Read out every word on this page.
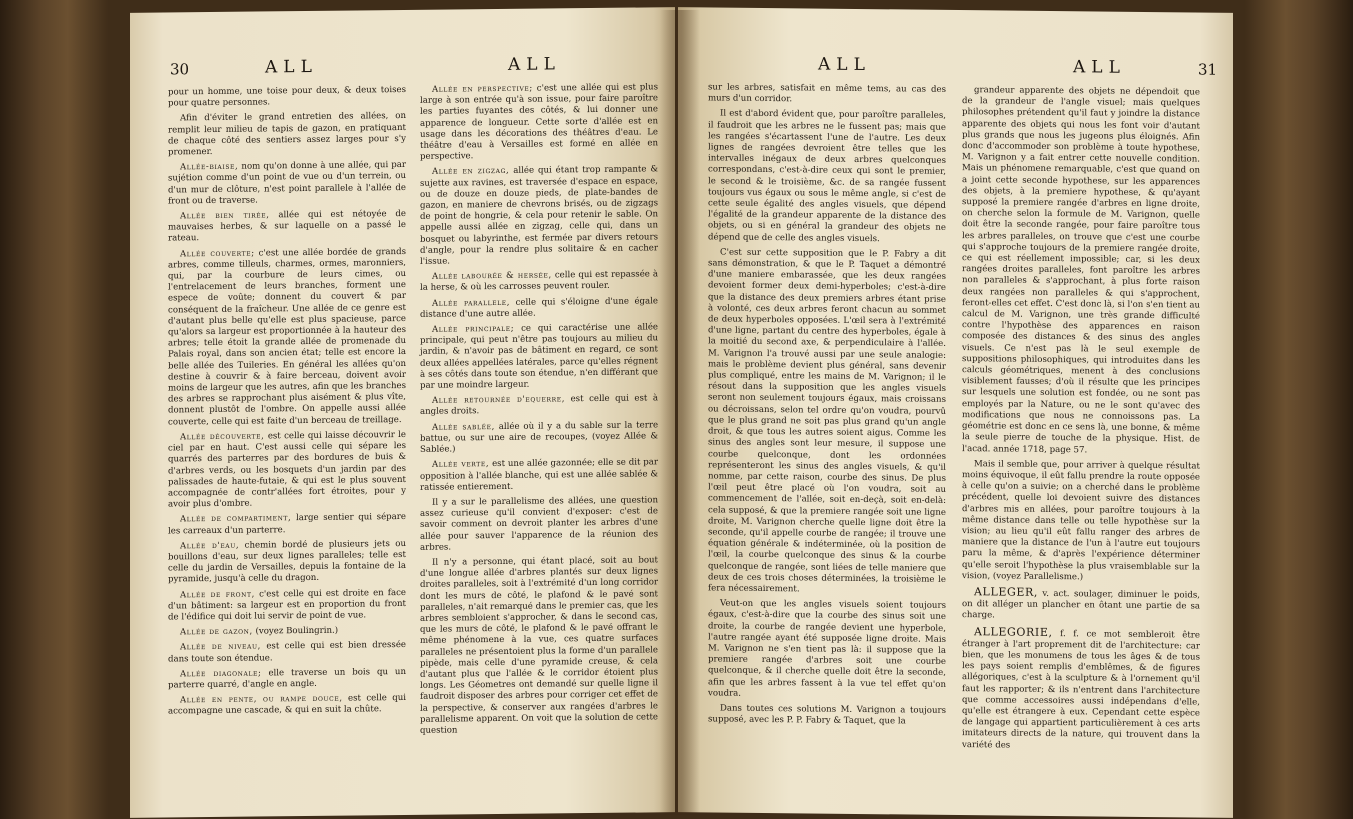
30	ALL	ALL

pour un homme, une toise pour deux, & deux toises pour quatre personnes.

Afin d'éviter le grand entretien des allées, on remplit leur milieu de tapis de gazon, en pratiquant de chaque côté des sentiers assez larges pour s'y promener.

Allée-biaise, nom qu'on donne à une allée, qui par sujétion comme d'un point de vue ou d'un terrein, ou d'un mur de clôture, n'est point parallele à l'allée de front ou de traverse.

Allée bien tirée, allée qui est nétoyée de mauvaises herbes, & sur laquelle on a passé le rateau.

Allée couverte; c'est une allée bordée de grands arbres, comme tilleuls, charmes, ormes, maronniers, qui, par la courbure de leurs cimes, ou l'entrelacement de leurs branches, forment une espece de voûte; donnent du couvert & par conséquent de la fraîcheur. Une allée de ce genre est d'autant plus belle qu'elle est plus spacieuse, parce qu'alors sa largeur est proportionnée à la hauteur des arbres; telle étoit la grande allée de promenade du Palais royal, dans son ancien état; telle est encore la belle allée des Tuileries. En général les allées qu'on destine à couvrir & à faire berceau, doivent avoir moins de largeur que les autres, afin que les branches des arbres se rapprochant plus aisément & plus vîte, donnent plustôt de l'ombre. On appelle aussi allée couverte, celle qui est faite d'un berceau de treillage.

Allée découverte, est celle qui laisse découvrir le ciel par en haut. C'est aussi celle qui sépare les quarrés des parterres par des bordures de buis & d'arbres verds, ou les bosquets d'un jardin par des palissades de haute-futaie, & qui est le plus souvent accompagnée de contr'allées fort étroites, pour y avoir plus d'ombre.

Allée de compartiment, large sentier qui sépare les carreaux d'un parterre.

Allée d'eau, chemin bordé de plusieurs jets ou bouillons d'eau, sur deux lignes paralleles; telle est celle du jardin de Versailles, depuis la fontaine de la pyramide, jusqu'à celle du dragon.

Allée de front, c'est celle qui est droite en face d'un bâtiment: sa largeur est en proportion du front de l'édifice qui doit lui servir de point de vue.

Allée de gazon, (voyez Boulingrin.)

Allée de niveau, est celle qui est bien dressée dans toute son étendue.

Allée diagonale; elle traverse un bois qu un parterre quarré, d'angle en angle.

Allée en pente, ou rampe douce, est celle qui accompagne une cascade, & qui en suit la chûte.

Allée en perspective; c'est une allée qui est plus large à son entrée qu'à son issue, pour faire paroître les parties fuyantes des côtés, & lui donner une apparence de longueur. Cette sorte d'allée est en usage dans les décorations des théâtres d'eau. Le théâtre d'eau à Versailles est formé en allée en perspective.

Allée en zigzag, allée qui étant trop rampante & sujette aux ravines, est traversée d'espace en espace, ou de douze en douze pieds, de plate-bandes de gazon, en maniere de chevrons brisés, ou de zigzags de point de hongrie, & cela pour retenir le sable. On appelle aussi allée en zigzag, celle qui, dans un bosquet ou labyrinthe, est fermée par divers retours d'angle, pour la rendre plus solitaire & en cacher l'issue.

Allée labourée & hersée, celle qui est repassée à la herse, & où les carrosses peuvent rouler.

Allée parallele, celle qui s'éloigne d'une égale distance d'une autre allée.

Allée principale; ce qui caractérise une allée principale, qui peut n'être pas toujours au milieu du jardin, & n'avoir pas de bâtiment en regard, ce sont deux allées appellées latérales, parce qu'elles régnent à ses côtés dans toute son étendue, n'en différant que par une moindre largeur.

Allée retournée d'equerre, est celle qui est à angles droits.

Allée sablée, allée où il y a du sable sur la terre battue, ou sur une aire de recoupes, (voyez Allée & Sablée.)

Allée verte, est une allée gazonnée; elle se dit par opposition à l'allée blanche, qui est une allée sablée & ratissée entierement.

Il y a sur le parallelisme des allées, une question assez curieuse qu'il convient d'exposer: c'est de savoir comment on devroit planter les arbres d'une allée pour sauver l'apparence de la réunion des arbres.

Il n'y a personne, qui étant placé, soit au bout d'une longue allée d'arbres plantés sur deux lignes droites paralleles, soit à l'extrémité d'un long corridor dont les murs de côté, le plafond & le pavé sont paralleles, n'ait remarqué dans le premier cas, que les arbres sembloient s'approcher, & dans le second cas, que les murs de côté, le plafond & le pavé offrant le même phénomene à la vue, ces quatre surfaces paralleles ne présentoient plus la forme d'un parallele pipède, mais celle d'une pyramide creuse, & cela d'autant plus que l'allée & le corridor étoient plus longs. Les Géometres ont demandé sur quelle ligne il faudroit disposer des arbres pour corriger cet effet de la perspective, & conserver aux rangées d'arbres le parallelisme apparent. On voit que la solution de cette question

ALL	ALL	31

sur les arbres, satisfait en même tems, au cas des murs d'un corridor.

Il est d'abord évident que, pour paroître paralleles, il faudroit que les arbres ne le fussent pas; mais que les rangées s'écartassent l'une de l'autre. Les deux lignes de rangées devroient être telles que les intervalles inégaux de deux arbres quelconques correspondans, c'est-à-dire ceux qui sont le premier, le second & le troisième, &c. de sa rangée fussent toujours vus égaux ou sous le même angle, si c'est de cette seule égalité des angles visuels, que dépend l'égalité de la grandeur apparente de la distance des objets, ou si en général la grandeur des objets ne dépend que de celle des angles visuels.

C'est sur cette supposition que le P. Fabry a dit sans démonstration, & que le P. Taquet a démontré d'une maniere embarassée, que les deux rangées devoient former deux demi-hyperboles; c'est-à-dire que la distance des deux premiers arbres étant prise à volonté, ces deux arbres feront chacun au sommet de deux hyperboles opposées. L'œil sera à l'extrémité d'une ligne, partant du centre des hyperboles, égale à la moitié du second axe, & perpendiculaire à l'allée. M. Varignon l'a trouvé aussi par une seule analogie: mais le problème devient plus général, sans devenir plus compliqué, entre les mains de M. Varignon; il le résout dans la supposition que les angles visuels seront non seulement toujours égaux, mais croissans ou décroissans, selon tel ordre qu'on voudra, pourvû que le plus grand ne soit pas plus grand qu'un angle droit, & que tous les autres soient aigus. Comme les sinus des angles sont leur mesure, il suppose une courbe quelconque, dont les ordonnées représenteront les sinus des angles visuels, & qu'il nomme, par cette raison, courbe des sinus. De plus l'œil peut être placé où l'on voudra, soit au commencement de l'allée, soit en-deçà, soit en-delà: cela supposé, & que la premiere rangée soit une ligne droite, M. Varignon cherche quelle ligne doit être la seconde, qu'il appelle courbe de rangée; il trouve une équation générale & indéterminée, où la position de l'œil, la courbe quelconque des sinus & la courbe quelconque de rangée, sont liées de telle maniere que deux de ces trois choses déterminées, la troisième le fera nécessairement.

Veut-on que les angles visuels soient toujours égaux, c'est-à-dire que la courbe des sinus soit une droite, la courbe de rangée devient une hyperbole, l'autre rangée ayant été supposée ligne droite. Mais M. Varignon ne s'en tient pas là: il suppose que la premiere rangée d'arbres soit une courbe quelconque, & il cherche quelle doit être la seconde, afin que les arbres fassent à la vue tel effet qu'on voudra.

Dans toutes ces solutions M. Varignon a toujours supposé, avec les P. P. Fabry & Taquet, que la

grandeur apparente des objets ne dépendoit que de la grandeur de l'angle visuel; mais quelques philosophes prétendent qu'il faut y joindre la distance apparente des objets qui nous les font voir d'autant plus grands que nous les jugeons plus éloignés. Afin donc d'accommoder son problème à toute hypothese, M. Varignon y a fait entrer cette nouvelle condition. Mais un phénomene remarquable, c'est que quand on a joint cette seconde hypothese, sur les apparences des objets, à la premiere hypothese, & qu'ayant supposé la premiere rangée d'arbres en ligne droite, on cherche selon la formule de M. Varignon, quelle doit être la seconde rangée, pour faire paroître tous les arbres paralleles, on trouve que c'est une courbe qui s'approche toujours de la premiere rangée droite, ce qui est réellement impossible; car, si les deux rangées droites paralleles, font paroître les arbres non paralleles & s'approchant, à plus forte raison deux rangées non paralleles & qui s'approchent, feront-elles cet effet. C'est donc là, si l'on s'en tient au calcul de M. Varignon, une très grande difficulté contre l'hypothèse des apparences en raison composée des distances & des sinus des angles visuels. Ce n'est pas là le seul exemple de suppositions philosophiques, qui introduites dans les calculs géométriques, menent à des conclusions visiblement fausses; d'où il résulte que les principes sur lesquels une solution est fondée, ou ne sont pas employés par la Nature, ou ne le sont qu'avec des modifications que nous ne connoissons pas. La géométrie est donc en ce sens là, une bonne, & même la seule pierre de touche de la physique. Hist. de l'acad. année 1718, page 57.

Mais il semble que, pour arriver à quelque résultat moins équivoque, il eût fallu prendre la route opposée à celle qu'on a suivie; on a cherché dans le problème précédent, quelle loi devoient suivre des distances d'arbres mis en allées, pour paroître toujours à la même distance dans telle ou telle hypothèse sur la vision; au lieu qu'il eût fallu ranger des arbres de maniere que la distance de l'un à l'autre eut toujours paru la même, & d'après l'expérience déterminer qu'elle seroit l'hypothèse la plus vraisemblable sur la vision, (voyez Parallelisme.)

ALLEGER, v. act. soulager, diminuer le poids, on dit alléger un plancher en ôtant une partie de sa charge.

ALLEGORIE, f. f. ce mot sembleroit être étranger à l'art proprement dit de l'architecture: car bien, que les monumens de tous les âges & de tous les pays soient remplis d'emblêmes, & de figures allégoriques, c'est à la sculpture & à l'ornement qu'il faut les rapporter; & ils n'entrent dans l'architecture que comme accessoires aussi indépendans d'elle, qu'elle est étrangere à eux. Cependant cette espèce de langage qui appartient particulièrement à ces arts imitateurs directs de la nature, qui trouvent dans la variété des
